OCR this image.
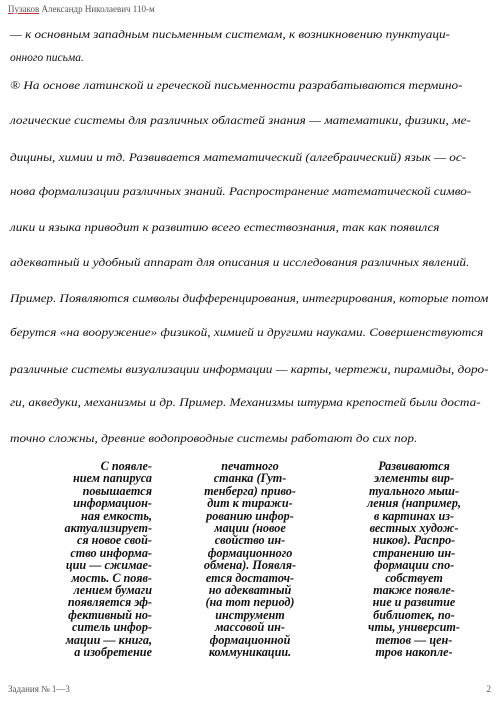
Пузаков Александр Николаевич 110-м
— к основным западным письменным системам, к возникновению пунктуаци-
онного письма.
® На основе латинской и греческой письменности разрабатываются термино-
логические системы для различных областей знания — математики, физики, ме-
дицины, химии и тд. Развивается математический (алгебраический) язык — ос-
нова формализации различных знаний. Распространение математической симво-
лики и языка приводит к развитию всего естествознания, так как появился
адекватный и удобный аппарат для описания и исследования различных явлений.
Пример. Появляются символы дифференцирования, интегрирования, которые потом
берутся «на вооружение» физикой, химией и другими науками. Совершенствуются
различные системы визуализации информации — карты, чертежи, пирамиды, доро-
ги, акведуки, механизмы и др. Пример. Механизмы штурма крепостей были доста-
точно сложны, древние водопроводные системы работают до сих пор.
С появле-
нием папируса
повышается
информацион-
ная емкость,
актуализирует-
ся новое свой-
ство информа-
ции — сжимае-
мость. С появ-
лением бумаги
появляется эф-
фективный но-
ситель инфор-
мации — книга,
а изобретение
печатного
станка (Гут-
тенберга) приво-
дит к тиражи-
рованию инфор-
мации (новое
свойство ин-
формационного
обмена). Появля-
ется достаточ-
но адекватный
(на тот период)
инструмент
массовой ин-
формационной
коммуникации.
Развиваются
элементы вир-
туального мыш-
ления (например,
в картинах из-
вестных худож-
ников). Распро-
странению ин-
формации спо-
собствует
также появле-
ние и развитие
библиотек, по-
чты, университ-
тетов — цен-
тров накопле-
Задания № 1—3	2
